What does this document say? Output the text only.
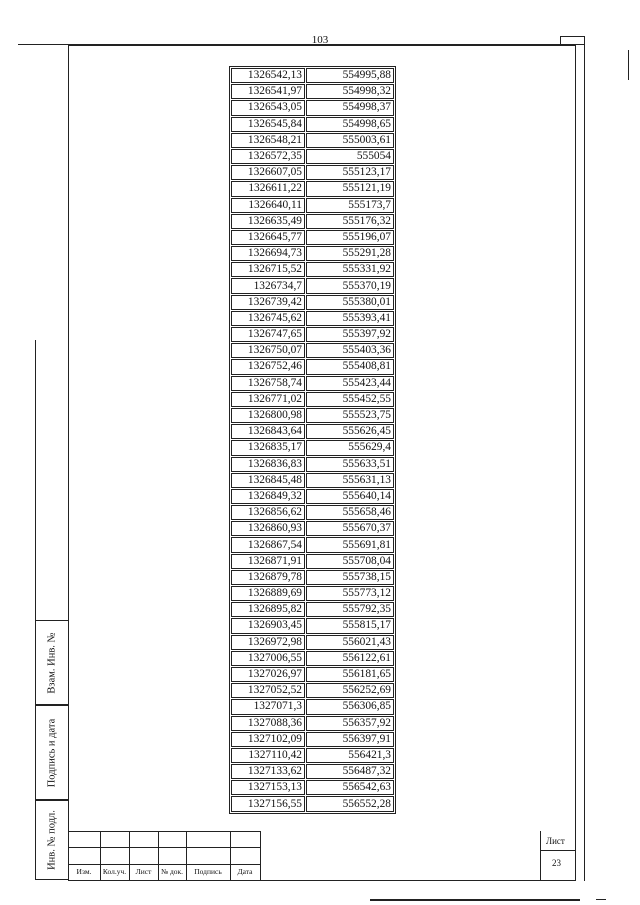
103
1326542,13	554995,88
1326541,97	554998,32
1326543,05	554998,37
1326545,84	554998,65
1326548,21	555003,61
1326572,35	555054
1326607,05	555123,17
1326611,22	555121,19
1326640,11	555173,7
1326635,49	555176,32
1326645,77	555196,07
1326694,73	555291,28
1326715,52	555331,92
1326734,7	555370,19
1326739,42	555380,01
1326745,62	555393,41
1326747,65	555397,92
1326750,07	555403,36
1326752,46	555408,81
1326758,74	555423,44
1326771,02	555452,55
1326800,98	555523,75
1326843,64	555626,45
1326835,17	555629,4
1326836,83	555633,51
1326845,48	555631,13
1326849,32	555640,14
1326856,62	555658,46
1326860,93	555670,37
1326867,54	555691,81
1326871,91	555708,04
1326879,78	555738,15
1326889,69	555773,12
1326895,82	555792,35
1326903,45	555815,17
1326972,98	556021,43
1327006,55	556122,61
1327026,97	556181,65
1327052,52	556252,69
1327071,3	556306,85
1327088,36	556357,92
1327102,09	556397,91
1327110,42	556421,3
1327133,62	556487,32
1327153,13	556542,63
1327156,55	556552,28
Взам. Инв. №
Подпись и дата
Инв. № подл.
Изм.	Кол.уч.	Лист	№ док.	Подпись	Дата
Лист
23
